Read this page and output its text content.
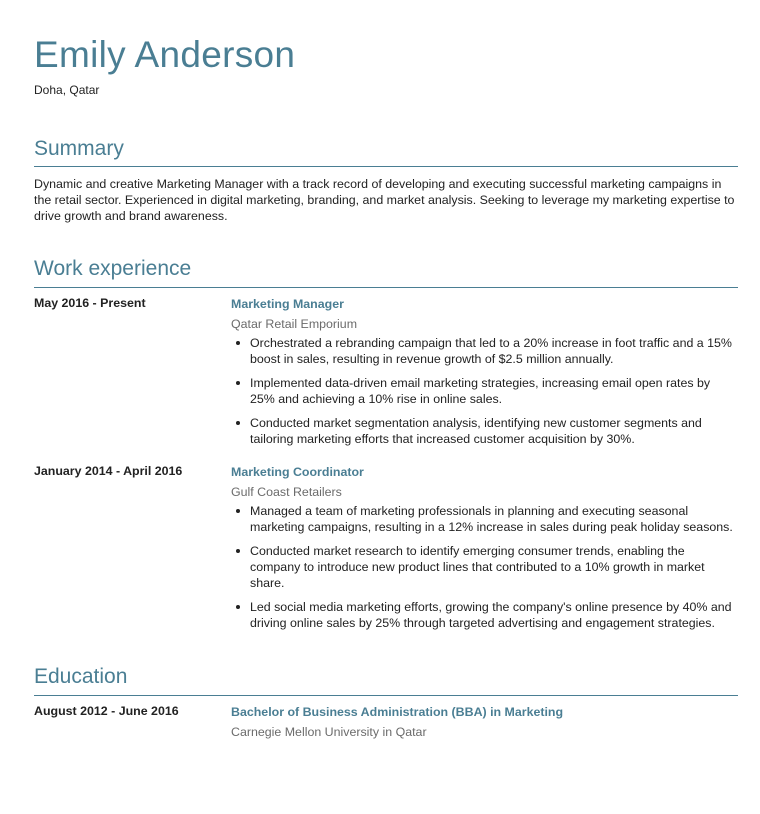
Emily Anderson
Doha, Qatar
Summary

Dynamic and creative Marketing Manager with a track record of developing and executing successful marketing campaigns in the retail sector. Experienced in digital marketing, branding, and market analysis. Seeking to leverage my marketing expertise to drive growth and brand awareness.

Work experience
May 2016 - Present	Marketing Manager
Qatar Retail Emporium
Orchestrated a rebranding campaign that led to a 20% increase in foot traffic and a 15% boost in sales, resulting in revenue growth of $2.5 million annually.
Implemented data-driven email marketing strategies, increasing email open rates by 25% and achieving a 10% rise in online sales.
Conducted market segmentation analysis, identifying new customer segments and tailoring marketing efforts that increased customer acquisition by 30%.
January 2014 - April 2016	Marketing Coordinator
Gulf Coast Retailers
Managed a team of marketing professionals in planning and executing seasonal marketing campaigns, resulting in a 12% increase in sales during peak holiday seasons.
Conducted market research to identify emerging consumer trends, enabling the company to introduce new product lines that contributed to a 10% growth in market share.
Led social media marketing efforts, growing the company's online presence by 40% and driving online sales by 25% through targeted advertising and engagement strategies.
Education
August 2012 - June 2016	Bachelor of Business Administration (BBA) in Marketing
Carnegie Mellon University in Qatar
